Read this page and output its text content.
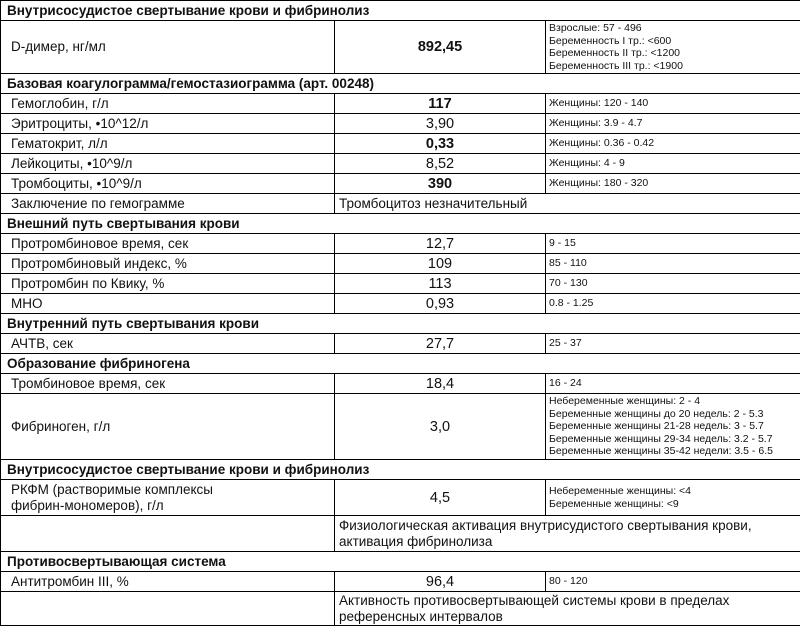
Внутрисосудистое свертывание крови и фибринолиз		
D-димер, нг/мл	892,45	Взрослые: 57 - 496
Беременность I тр.: <600
Беременность II тр.: <1200
Беременность III тр.: <1900

Базовая коагулограмма/гемостазиограмма (арт. 00248)		
Гемоглобин, г/л	117	Женщины: 120 - 140
Эритроциты, •10^12/л	3,90	Женщины: 3.9 - 4.7
Гематокрит, л/л	0,33	Женщины: 0.36 - 0.42
Лейкоциты, •10^9/л	8,52	Женщины: 4 - 9
Тромбоциты, •10^9/л	390	Женщины: 180 - 320
Заключение по гемограмме	Тромбоцитоз незначительный	
Внешний путь свертывания крови		
Протромбиновое время, сек	12,7	9 - 15
Протромбиновый индекс, %	109	85 - 110
Протромбин по Квику, %	113	70 - 130
МНО	0,93	0.8 - 1.25
Внутренний путь свертывания крови		
АЧТВ, сек	27,7	25 - 37
Образование фибриногена		
Тромбиновое время, сек	18,4	16 - 24
Фибриноген, г/л	3,0	Небеременные женщины: 2 - 4
Беременные женщины до 20 недель: 2 - 5.3
Беременные женщины 21-28 недель: 3 - 5.7
Беременные женщины 29-34 недель: 3.2 - 5.7
Беременные женщины 35-42 недели: 3.5 - 6.5

Внутрисосудистое свертывание крови и фибринолиз		

РКФМ (растворимые комплексы
фибрин-мономеров), г/л	4,5	Небеременные женщины: <4
Беременные женщины: <9

	Физиологическая активация внутрисудистого свертывания крови,
активация фибринолиза	

Противосвертывающая система		
Антитромбин III, %	96,4	80 - 120

	Активность противосвертывающей системы крови в пределах
референсных интервалов	
